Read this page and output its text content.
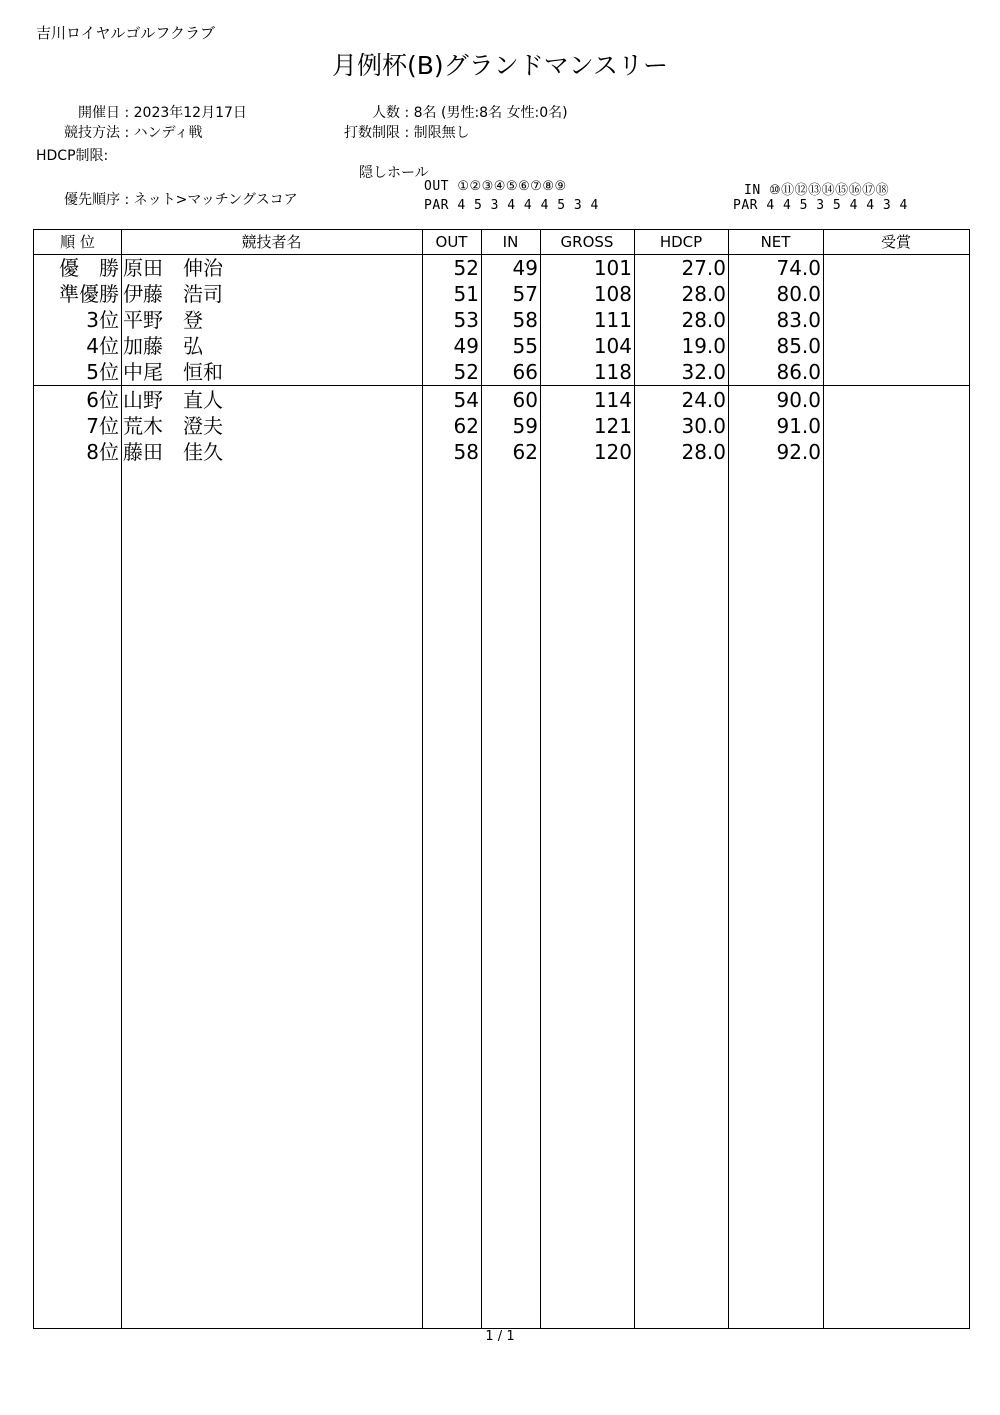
吉川ロイヤルゴルフクラブ
月例杯(B)グランドマンスリー
開催日 : 2023年12月17日
競技方法 : ハンディ戦
HDCP制限:
優先順序 : ネット>マッチングスコア
人数 : 8名 (男性:8名 女性:0名)
打数制限 : 制限無し
隠しホール
OUT ①②③④⑤⑥⑦⑧⑨
PAR 4 5 3 4 4 4 5 3 4
IN ⑩⑪⑫⑬⑭⑮⑯⑰⑱
PAR 4 4 5 3 5 4 4 3 4
順 位	競技者名	OUT	IN	GROSS	HDCP	NET	受賞
優　勝 原田　伸治	52	49	101	27.0	74.0
準優勝 伊藤　浩司	51	57	108	28.0	80.0
3位 平野　登	53	58	111	28.0	83.0
4位 加藤　弘	49	55	104	19.0	85.0
5位 中尾　恒和	52	66	118	32.0	86.0
6位 山野　直人	54	60	114	24.0	90.0
7位 荒木　澄夫	62	59	121	30.0	91.0
8位 藤田　佳久	58	62	120	28.0	92.0
1 / 1
